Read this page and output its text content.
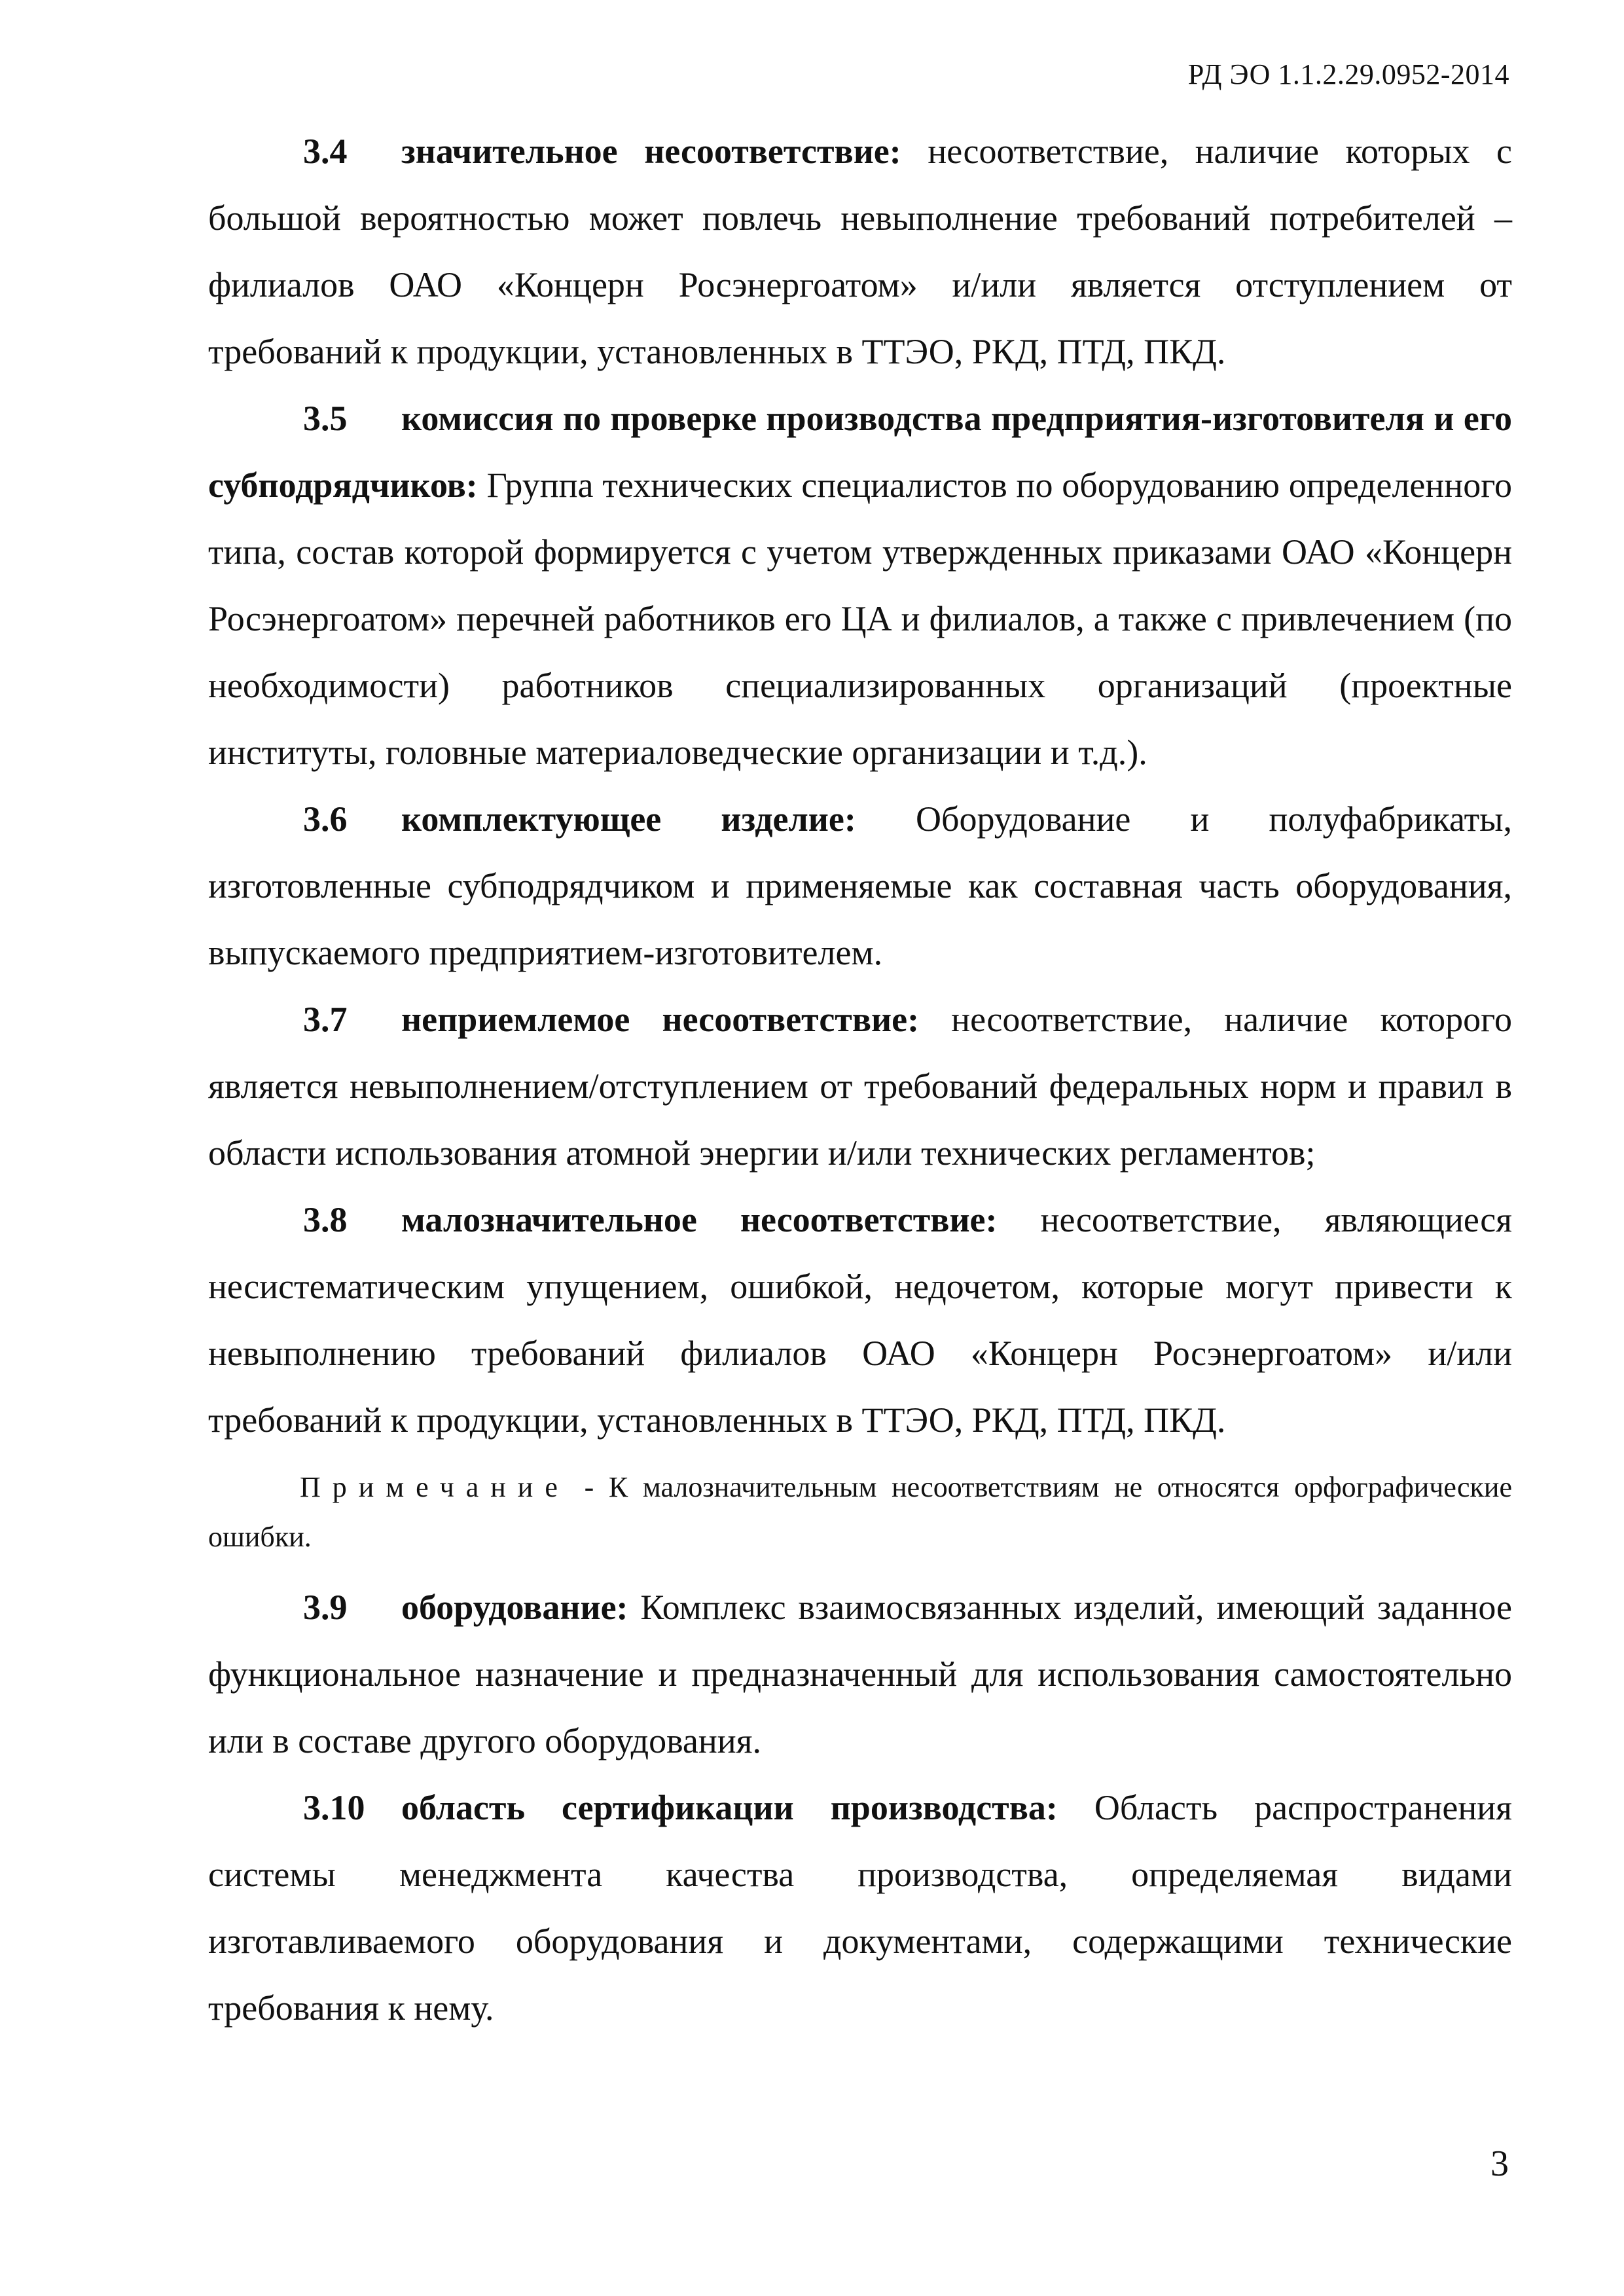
РД ЭО 1.1.2.29.0952-2014

3.4 значительное несоответствие: несоответствие, наличие которых с большой вероятностью может повлечь невыполнение требований потребителей – филиалов ОАО «Концерн Росэнергоатом» и/или является отступлением от требований к продукции, установленных в ТТЭО, РКД, ПТД, ПКД.

3.5 комиссия по проверке производства предприятия-изготовителя и его субподрядчиков: Группа технических специалистов по оборудованию определенного типа, состав которой формируется с учетом утвержденных приказами ОАО «Концерн Росэнергоатом» перечней работников его ЦА и филиалов, а также с привлечением (по необходимости) работников специализированных организаций (проектные институты, головные материаловедческие организации и т.д.).

3.6 комплектующее изделие: Оборудование и полуфабрикаты, изготовленные субподрядчиком и применяемые как составная часть оборудования, выпускаемого предприятием-изготовителем.

3.7 неприемлемое несоответствие: несоответствие, наличие которого является невыполнением/отступлением от требований федеральных норм и правил в области использования атомной энергии и/или технических регламентов;

3.8 малозначительное несоответствие: несоответствие, являющиеся несистематическим упущением, ошибкой, недочетом, которые могут привести к невыполнению требований филиалов ОАО «Концерн Росэнергоатом» и/или требований к продукции, установленных в ТТЭО, РКД, ПТД, ПКД.

Примечание - К малозначительным несоответствиям не относятся орфографические ошибки.

3.9 оборудование: Комплекс взаимосвязанных изделий, имеющий заданное функциональное назначение и предназначенный для использования самостоятельно или в составе другого оборудования.

3.10 область сертификации производства: Область распространения системы менеджмента качества производства, определяемая видами изготавливаемого оборудования и документами, содержащими технические требования к нему.

3
